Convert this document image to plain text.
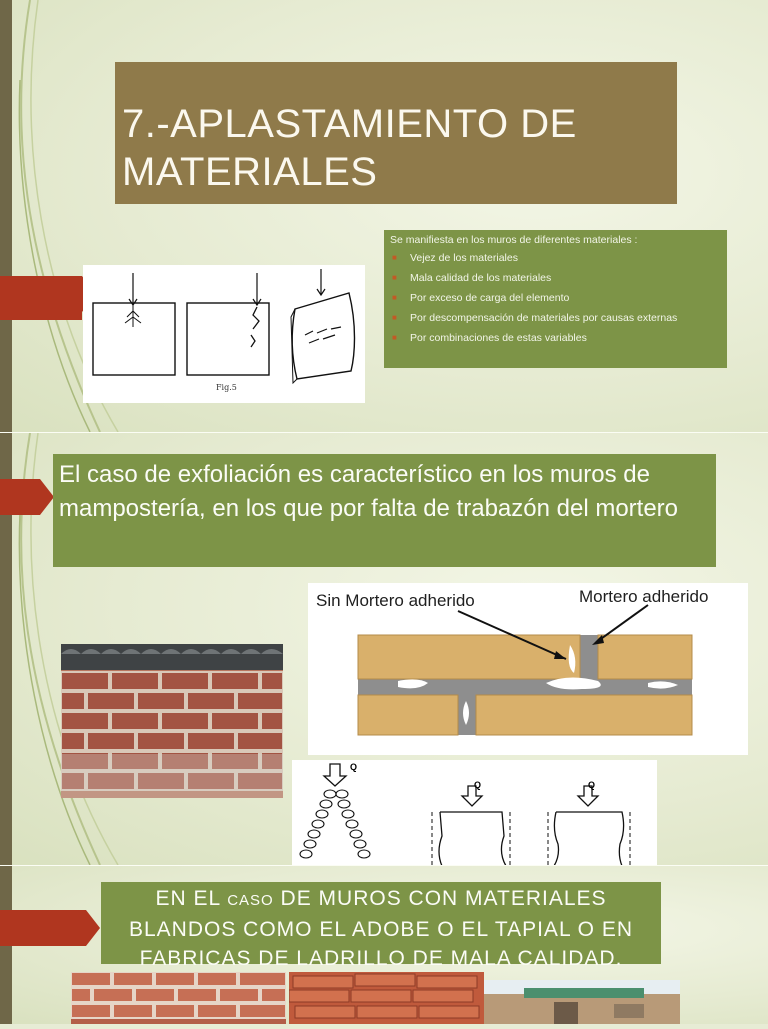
7.-APLASTAMIENTO DE
MATERIALES
Fig.5
Se manifiesta en los muros de diferentes materiales :
■ Vejez de los materiales
■ Mala calidad de los materiales
■ Por exceso de carga del elemento
■ Por descompensación de materiales por causas externas
■ Por combinaciones de estas variables
El caso de exfoliación es característico en los muros de mampostería, en los que por falta de trabazón del mortero
Sin Mortero adherido	Mortero adherido
Q
Q	Q
EN EL CASO DE MUROS CON MATERIALES
BLANDOS COMO EL ADOBE O EL TAPIAL O EN
FABRICAS DE LADRILLO DE MALA CALIDAD.
